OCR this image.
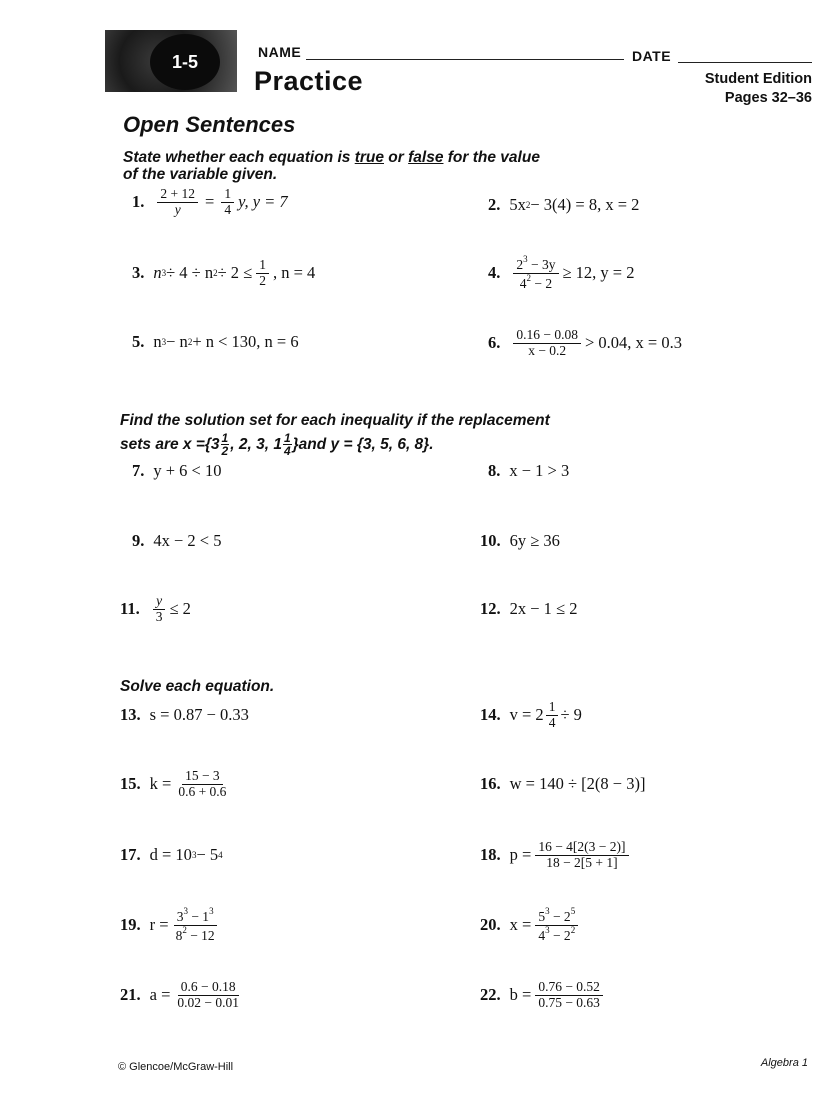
1-5	NAME	DATE
Practice	Student Edition
Pages 32–36
Open Sentences
State whether each equation is true or false for the value
of the variable given.
1. $\frac{2 + 12}{y} = \frac{1}{4} y$, y = 7	2. 5x 2 − 3(4) = 8, x = 2
3. n 3 ÷ 4 ÷ n $2 \div 2 \le \frac{1}{2}$ , n = 4	4. $\frac{2^3 - 3y}{4^2 - 2} \ge 12$, y = 2
5. n 3 − n 2 + n < 130, n = 6	6. $\frac{0.16 - 0.08}{x - 0.2} > 0.04$, x = 0.3
Find the solution set for each inequality if the replacement
sets are x = {3 1
2 , 2, 3, 1 1
4 } and y = {3, 5, 6, 8}.
7. y + 6 < 10	8. x − 1 > 3
9. 4x − 2 < 5	10. 6y ≥ 36
11. $\frac{y}{3} \le 2$	12. 2x − 1 ≤ 2
Solve each equation.
13. s = 0.87 − 0.33	14. $v = 2 \frac{1}{4} \div 9$
15. $k = \frac{15 - 3}{0.6 + 0.6}$	16. w = 140 ÷ [2(8 − 3)]
17. d = 10 3 − 5 4	18. $p = \frac{16 - 4[2(3 - 2)]}{18 - 2[5 + 1]}$
19. $r = \frac{3^3 - 1^3}{8^2 - 12}$	20. $x = \frac{5^3 - 2^5}{4^3 - 2^2}$
21. $a = \frac{0.6 - 0.18}{0.02 - 0.01}$	22. $b = \frac{0.76 - 0.52}{0.75 - 0.63}$
© Glencoe/McGraw-Hill	Algebra 1
